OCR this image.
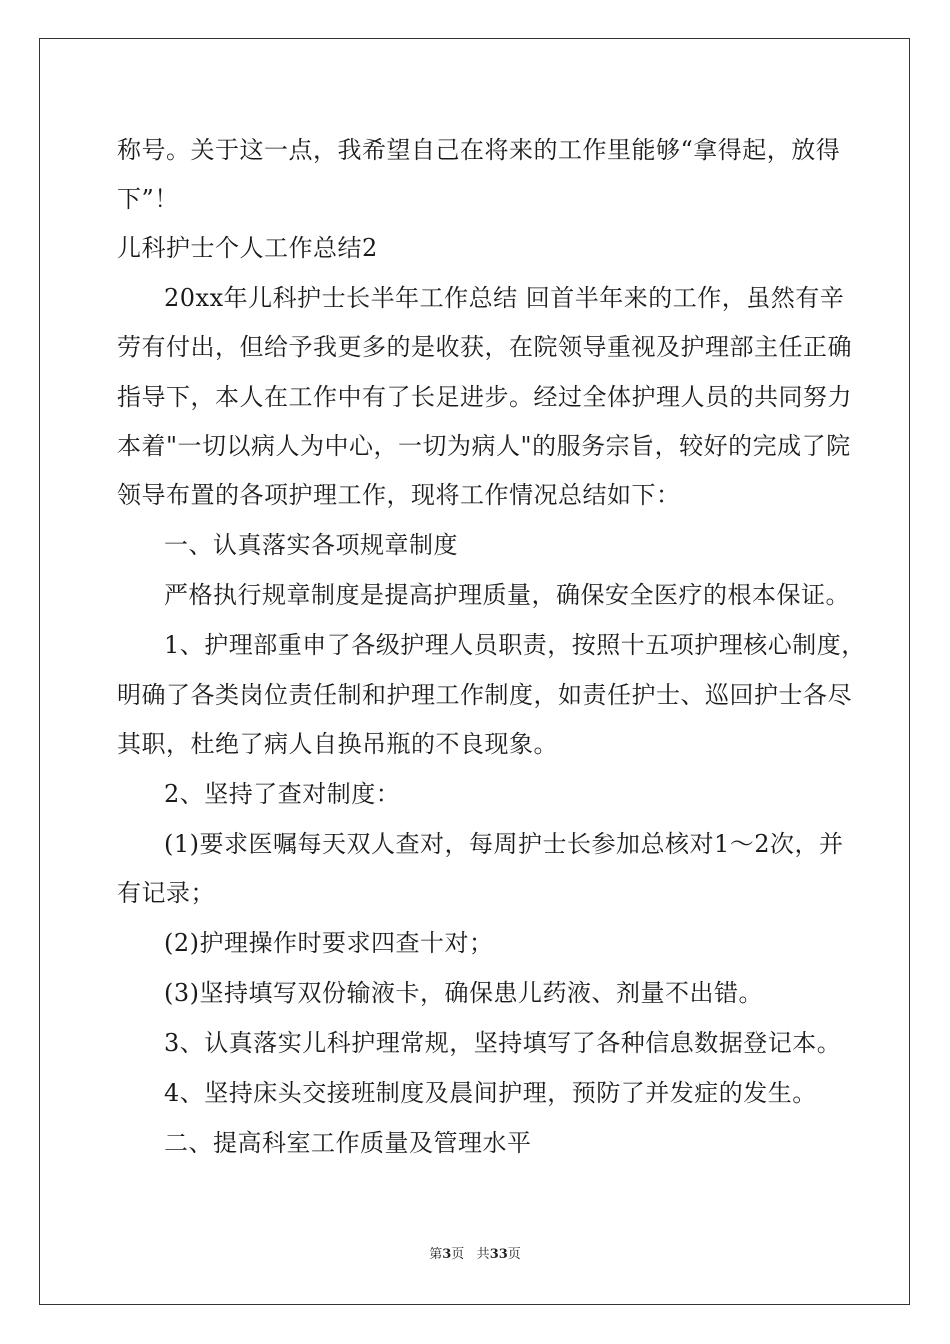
称号。关于这一点，我希望自己在将来的工作里能够“拿得起，放得
下”！
儿科护士个人工作总结2
20xx年儿科护士长半年工作总结 回首半年来的工作，虽然有辛
劳有付出，但给予我更多的是收获，在院领导重视及护理部主任正确
指导下，本人在工作中有了长足进步。经过全体护理人员的共同努力
本着"一切以病人为中心，一切为病人"的服务宗旨，较好的完成了院
领导布置的各项护理工作，现将工作情况总结如下：
一、认真落实各项规章制度
严格执行规章制度是提高护理质量，确保安全医疗的根本保证。
1、护理部重申了各级护理人员职责，按照十五项护理核心制度，
明确了各类岗位责任制和护理工作制度，如责任护士、巡回护士各尽
其职，杜绝了病人自换吊瓶的不良现象。
2、坚持了查对制度：
(1)要求医嘱每天双人查对，每周护士长参加总核对1～2次，并
有记录；
(2)护理操作时要求四查十对；
(3)坚持填写双份输液卡，确保患儿药液、剂量不出错。
3、认真落实儿科护理常规，坚持填写了各种信息数据登记本。
4、坚持床头交接班制度及晨间护理，预防了并发症的发生。
二、提高科室工作质量及管理水平
第3页 共33页
